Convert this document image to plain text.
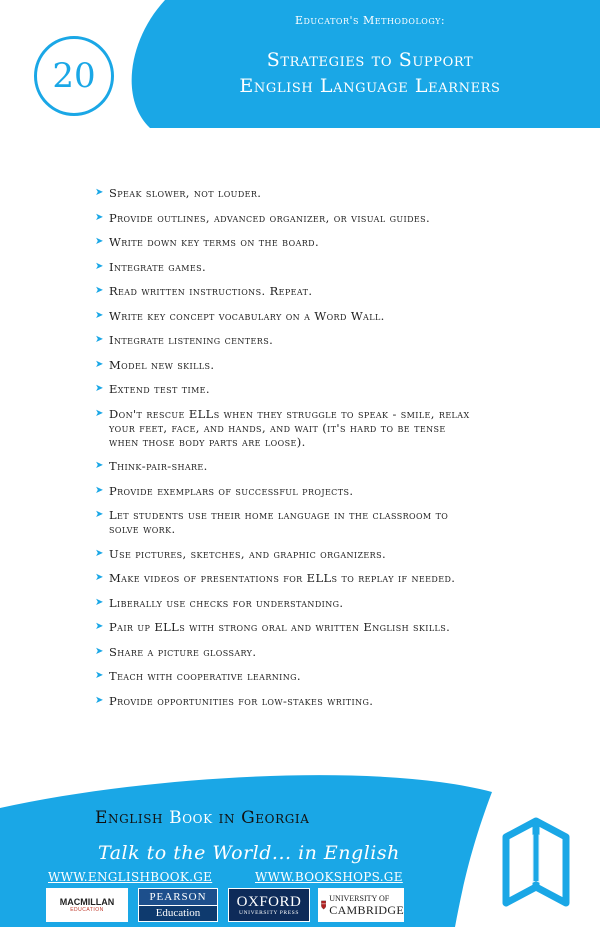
20
Educator's Methodology:
Strategies to Support
English Language Learners
➤ Speak slower, not louder.
➤ Provide outlines, advanced organizer, or visual guides.
➤ Write down key terms on the board.
➤ Integrate games.
➤ Read written instructions. Repeat.
➤ Write key concept vocabulary on a Word Wall.
➤ Integrate listening centers.
➤ Model new skills.
➤ Extend test time.
➤ Don't rescue ELLs when they struggle to speak - smile, relax
your feet, face, and hands, and wait (it's hard to be tense
when those body parts are loose).
➤ Think-pair-share.
➤ Provide exemplars of successful projects.
➤ Let students use their home language in the classroom to
solve work.
➤ Use pictures, sketches, and graphic organizers.
➤ Make videos of presentations for ELLs to replay if needed.
➤ Liberally use checks for understanding.
➤ Pair up ELLs with strong oral and written English skills.
➤ Share a picture glossary.
➤ Teach with cooperative learning.
➤ Provide opportunities for low-stakes writing.
English Book in Georgia
Talk to the World... in English
WWW.ENGLISHBOOK.GE	WWW.BOOKSHOPS.GE
MACMILLAN
EDUCATION
PEARSON
Education
OXFORD
UNIVERSITY PRESS
UNIVERSITY OF
CAMBRIDGE
